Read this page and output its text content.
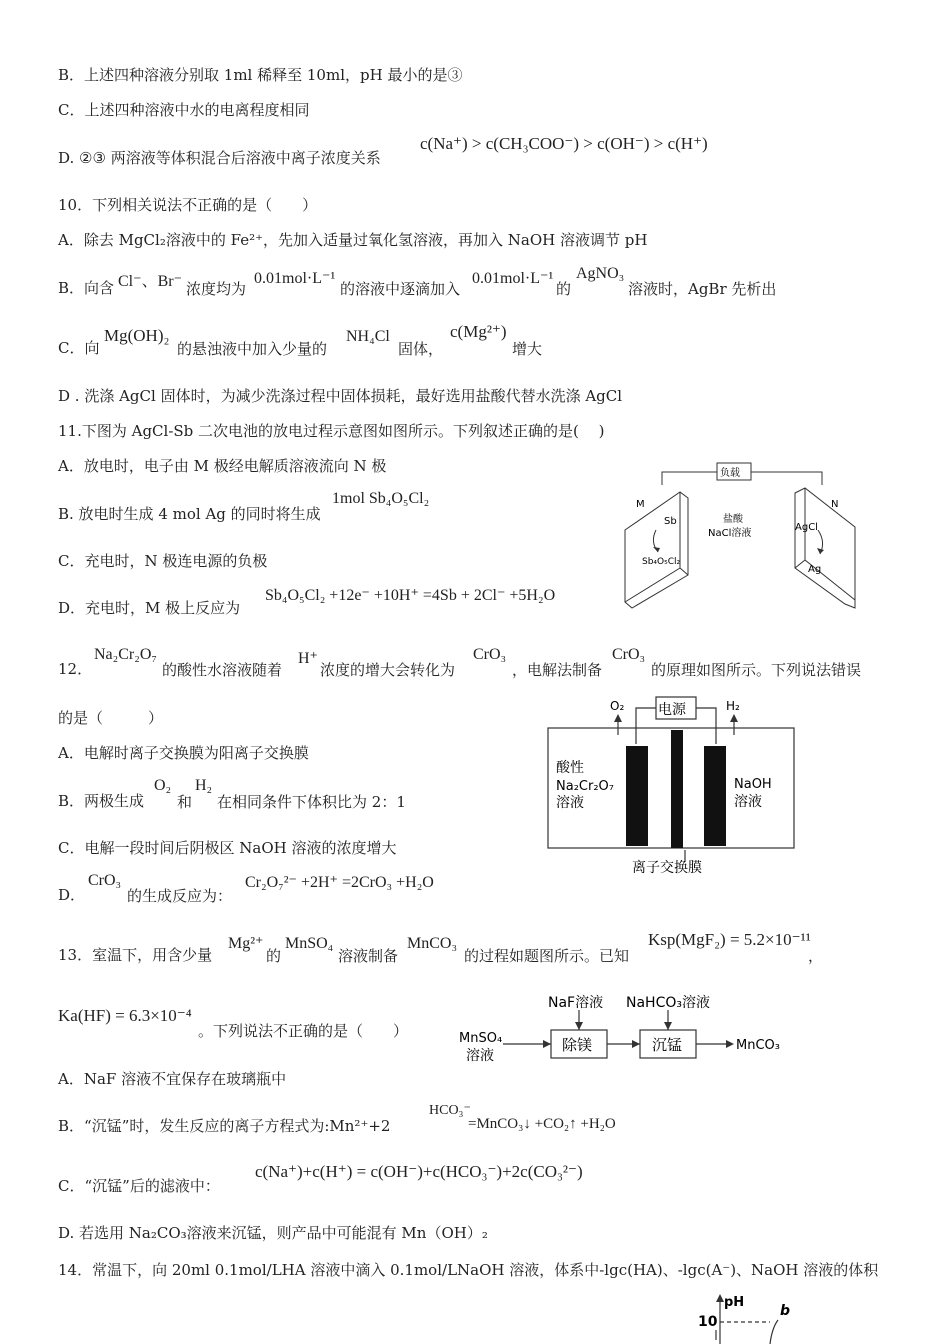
B．上述四种溶液分别取 1ml 稀释至 10ml，pH 最小的是③
C．上述四种溶液中水的电离程度相同
D. ②③ 两溶液等体积混合后溶液中离子浓度关系
c(Na⁺) > c(CH₃COO⁻) > c(OH⁻) > c(H⁺)
10．下列相关说法不正确的是（　　）
A．除去 MgCl₂溶液中的 Fe²⁺，先加入适量过氧化氢溶液，再加入 NaOH 溶液调节 pH
B．向含 Cl⁻、Br⁻ 浓度均为
0.01mol·L⁻¹
的溶液中逐滴加入
0.01mol·L⁻¹
的
AgNO₃
溶液时，AgBr 先析出
C．向
Mg(OH)₂
的悬浊液中加入少量的
NH₄Cl
固体，
c(Mg²⁺)
增大
D . 洗涤 AgCl 固体时，为减少洗涤过程中固体损耗，最好选用盐酸代替水洗涤 AgCl
11.下图为 AgCl-Sb 二次电池的放电过程示意图如图所示。下列叙述正确的是(　 )
A．放电时，电子由 M 极经电解质溶液流向 N 极
B. 放电时生成 4 mol Ag 的同时将生成
1mol Sb₄O₅Cl₂
C．充电时，N 极连电源的负极
D．充电时，M 极上反应为
Sb₄O₅Cl₂ +12e⁻ +10H⁺ =4Sb + 2Cl⁻ +5H₂O
负载
M	N
盐酸
NaCl溶液
Sb
Sb₄O₅Cl₂
AgCl
Ag
12．
Na₂Cr₂O₇
的酸性水溶液随着
H⁺
浓度的增大会转化为
CrO₃
，电解法制备
CrO₃
的原理如图所示。下列说法错误
的是（　　　）
A．电解时离子交换膜为阳离子交换膜
B．两极生成
O₂
和
H₂
在相同条件下体积比为 2：1
C．电解一段时间后阴极区 NaOH 溶液的浓度增大
D．
CrO₃
的生成反应为：
Cr₂O₇²⁻ +2H⁺ =2CrO₃ +H₂O
电源
O₂	H₂
酸性
Na₂Cr₂O₇
溶液
NaOH
溶液
离子交换膜
13．室温下，用含少量
Mg²⁺
的
MnSO₄
溶液制备
MnCO₃
的过程如题图所示。已知
Ksp(MgF₂) = 5.2×10⁻¹¹
，
Ka(HF) = 6.3×10⁻⁴
。下列说法不正确的是（　　）
A．NaF 溶液不宜保存在玻璃瓶中
B．“沉锰”时，发生反应的离子方程式为:Mn²⁺+2
HCO₃⁻
=MnCO₃↓ +CO₂↑ +H₂O
C．“沉锰”后的滤液中：
c(Na⁺)+c(H⁺) = c(OH⁻)+c(HCO₃⁻)+2c(CO₃²⁻)
D. 若选用 Na₂CO₃溶液来沉锰，则产品中可能混有 Mn（OH）₂
MnSO₄
溶液
NaF溶液
除镁
NaHCO₃溶液
沉锰	MnCO₃
14．常温下，向 20ml 0.1mol/LHA 溶液中滴入 0.1mol/LNaOH 溶液，体系中-lgc(HA)、-lgc(A⁻)、NaOH 溶液的体积
pH
10
b
